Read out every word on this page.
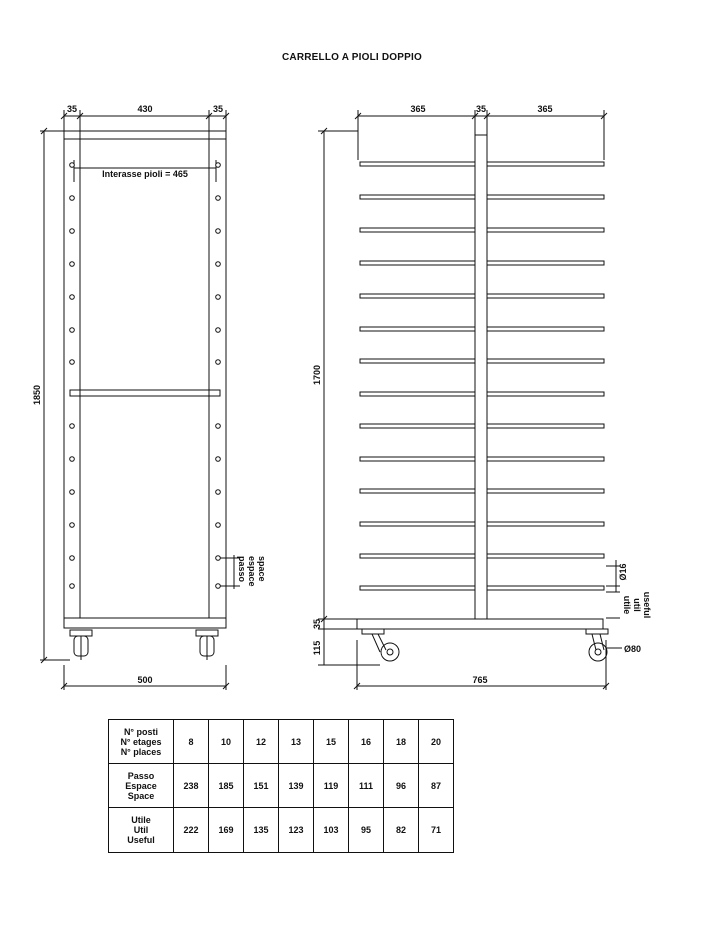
CARRELLO A PIOLI DOPPIO
35	430	35
Interasse pioli = 465
1850
500
passo espace space
365	35	365
1700
35
115
765
Ø16
Ø80
utile util useful
N° posti
N° etages
N° places	8	10	12	13	15	16	18	20

Passo
Espace
Space	238	185	151	139	119	111	96	87

Utile
Util
Useful	222	169	135	123	103	95	82	71
